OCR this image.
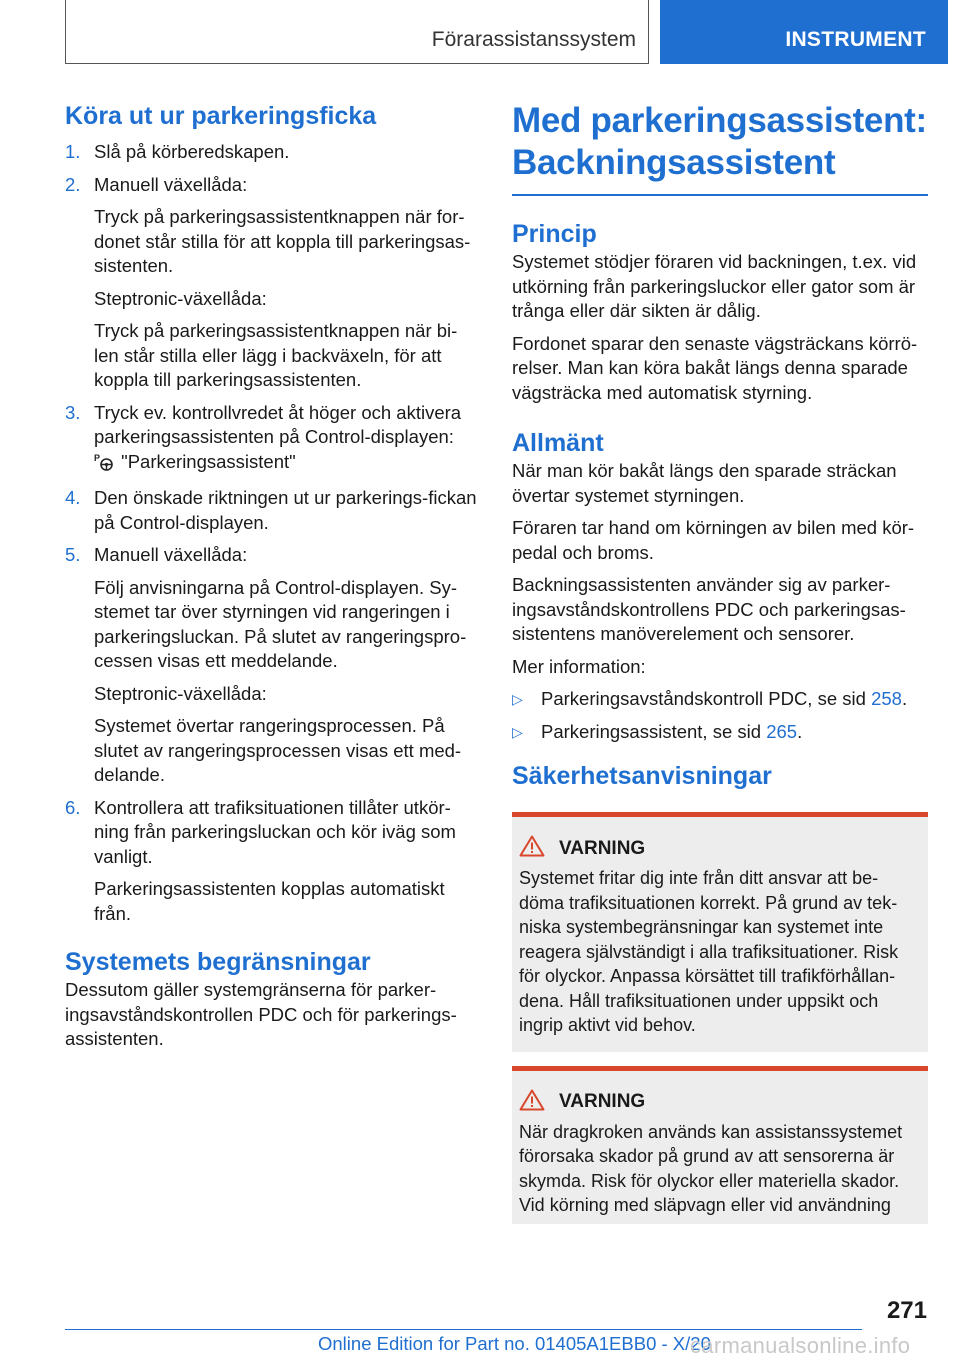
Förarassistanssystem	INSTRUMENT
Köra ut ur parkeringsficka
1. Slå på körberedskapen.

2. Manuell växellåda:

Tryck på parkeringsassistentknappen när for-donet står stilla för att koppla till parkeringsas-sistenten.

Steptronic-växellåda:

Tryck på parkeringsassistentknappen när bi-len står stilla eller lägg i backväxeln, för att koppla till parkeringsassistenten.

3. Tryck ev. kontrollvredet åt höger och aktivera parkeringsassistenten på Control-displayen:

P "Parkeringsassistent"

4. Den önskade riktningen ut ur parkerings-fickan på Control-displayen.

5. Manuell växellåda:

Följ anvisningarna på Control-displayen. Sy-stemet tar över styrningen vid rangeringen i parkeringsluckan. På slutet av rangeringspro-cessen visas ett meddelande.

Steptronic-växellåda:

Systemet övertar rangeringsprocessen. På slutet av rangeringsprocessen visas ett med-delande.

6. Kontrollera att trafiksituationen tillåter utkör-ning från parkeringsluckan och kör iväg som vanligt.

Parkeringsassistenten kopplas automatiskt från.

Systemets begränsningar

Dessutom gäller systemgränserna för parker-ingsavståndskontrollen PDC och för parkerings-assistenten.

Med parkeringsassistent:
Backningsassistent
Princip

Systemet stödjer föraren vid backningen, t.ex. vid utkörning från parkeringsluckor eller gator som är trånga eller där sikten är dålig.

Fordonet sparar den senaste vägsträckans körrö-relser. Man kan köra bakåt längs denna sparade vägsträcka med automatisk styrning.

Allmänt

När man kör bakåt längs den sparade sträckan övertar systemet styrningen.

Föraren tar hand om körningen av bilen med kör-pedal och broms.

Backningsassistenten använder sig av parker-ingsavståndskontrollens PDC och parkeringsas-sistentens manöverelement och sensorer.

Mer information:

▷ Parkeringsavståndskontroll PDC, se sid 258.

▷ Parkeringsassistent, se sid 265.

Säkerhetsanvisningar
VARNING

Systemet fritar dig inte från ditt ansvar att be-döma trafiksituationen korrekt. På grund av tek-niska systembegränsningar kan systemet inte reagera självständigt i alla trafiksituationer. Risk för olyckor. Anpassa körsättet till trafikförhållan-dena. Håll trafiksituationen under uppsikt och ingrip aktivt vid behov.

VARNING

När dragkroken används kan assistanssystemet förorsaka skador på grund av att sensorerna är skymda. Risk för olyckor eller materiella skador. Vid körning med släpvagn eller vid användning

271
Online Edition for Part no. 01405A1EBB0 - X/20
carmanualsonline.info
